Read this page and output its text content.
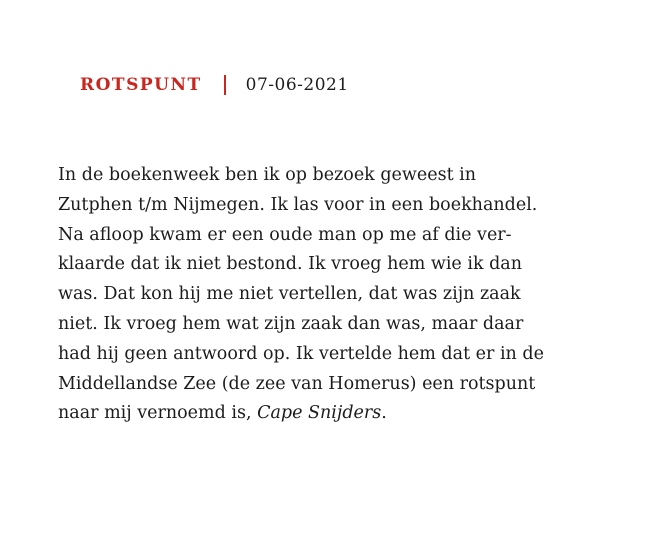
ROTSPUNT	07-06-2021
In de boekenweek ben ik op bezoek geweest in
Zutphen t/m Nijmegen. Ik las voor in een boekhandel.
Na afloop kwam er een oude man op me af die ver-
klaarde dat ik niet bestond. Ik vroeg hem wie ik dan
was. Dat kon hij me niet vertellen, dat was zijn zaak
niet. Ik vroeg hem wat zijn zaak dan was, maar daar
had hij geen antwoord op. Ik vertelde hem dat er in de
Middellandse Zee (de zee van Homerus) een rotspunt
naar mij vernoemd is, Cape Snijders.
